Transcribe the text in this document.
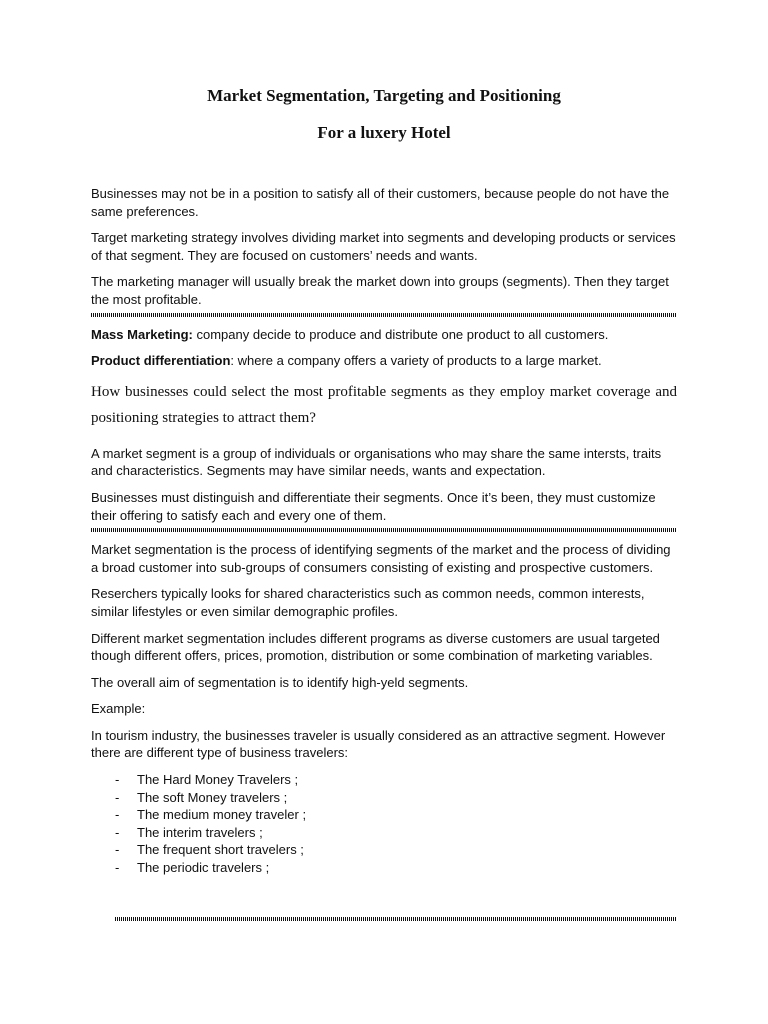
Market Segmentation, Targeting and Positioning
For a luxery Hotel

Businesses may not be in a position to satisfy all of their customers, because people do not have the same preferences.

Target marketing strategy involves dividing market into segments and developing products or services of that segment. They are focused on customers’ needs and wants.

The marketing manager will usually break the market down into groups (segments). Then they target the most profitable.

Mass Marketing: company decide to produce and distribute one product to all customers.

Product differentiation: where a company offers a variety of products to a large market.

How businesses could select the most profitable segments as they employ market coverage and positioning strategies to attract them?

A market segment is a group of individuals or organisations who may share the same intersts, traits and characteristics. Segments may have similar needs, wants and expectation.

Businesses must distinguish and differentiate their segments. Once it’s been, they must customize their offering to satisfy each and every one of them.

Market segmentation is the process of identifying segments of the market and the process of dividing a broad customer into sub-groups of consumers consisting of existing and prospective customers.

Reserchers typically looks for shared characteristics such as common needs, common interests, similar lifestyles or even similar demographic profiles.

Different market segmentation includes different programs as diverse customers are usual targeted though different offers, prices, promotion, distribution or some combination of marketing variables.

The overall aim of segmentation is to identify high-yeld segments.

Example:

In tourism industry, the businesses traveler is usually considered as an attractive segment. However there are different type of business travelers:

- The Hard Money Travelers ;
- The soft Money travelers ;
- The medium money traveler ;
- The interim travelers ;
- The frequent short travelers ;
- The periodic travelers ;
